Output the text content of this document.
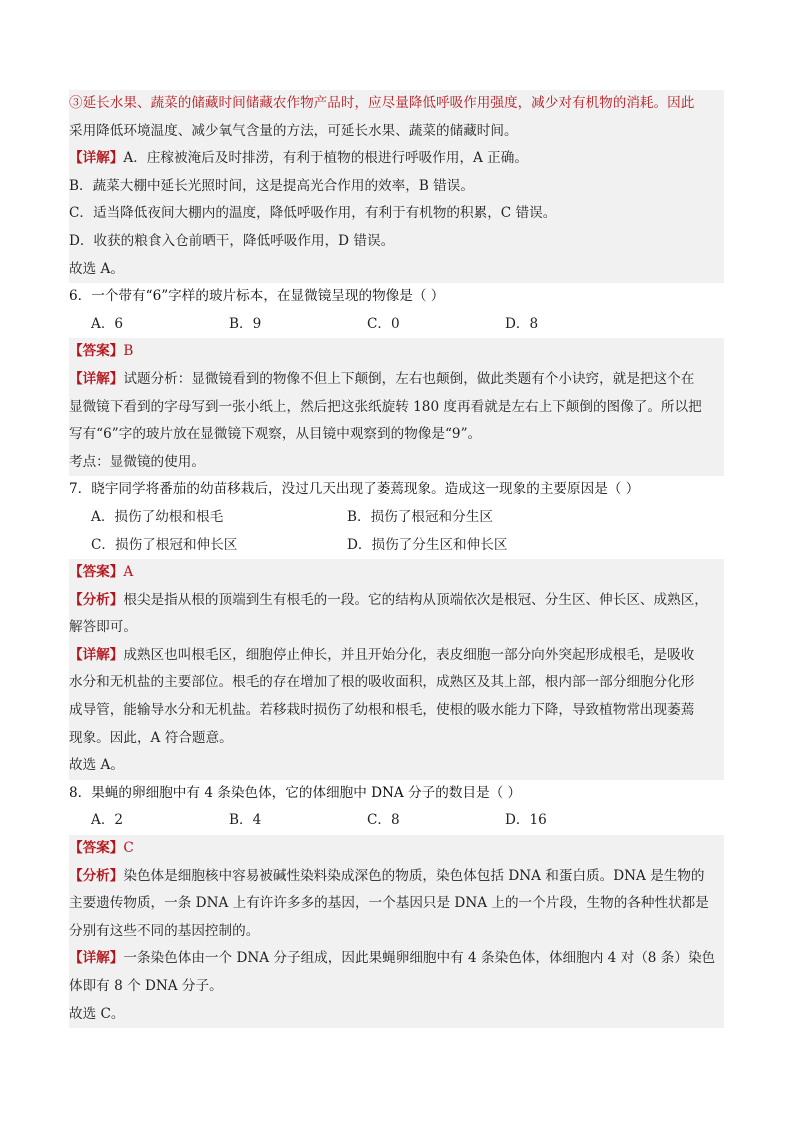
③延长水果、蔬菜的储藏时间储藏农作物产品时，应尽量降低呼吸作用强度，减少对有机物的消耗。因此
采用降低环境温度、减少氧气含量的方法，可延长水果、蔬菜的储藏时间。
【详解】A．庄稼被淹后及时排涝，有利于植物的根进行呼吸作用，A 正确。
B．蔬菜大棚中延长光照时间，这是提高光合作用的效率，B 错误。
C．适当降低夜间大棚内的温度，降低呼吸作用，有利于有机物的积累，C 错误。
D．收获的粮食入仓前晒干，降低呼吸作用，D 错误。
故选 A。
6．一个带有“6”字样的玻片标本，在显微镜呈现的物像是（ ）
A．6	B．9	C．0	D．8
【答案】B
【详解】试题分析：显微镜看到的物像不但上下颠倒，左右也颠倒，做此类题有个小诀窍，就是把这个在
显微镜下看到的字母写到一张小纸上，然后把这张纸旋转 180 度再看就是左右上下颠倒的图像了。所以把
写有“6”字的玻片放在显微镜下观察，从目镜中观察到的物像是“9”。
考点：显微镜的使用。
7．晓宇同学将番茄的幼苗移栽后，没过几天出现了萎蔫现象。造成这一现象的主要原因是（ ）
A．损伤了幼根和根毛	B．损伤了根冠和分生区
C．损伤了根冠和伸长区	D．损伤了分生区和伸长区
【答案】A
【分析】根尖是指从根的顶端到生有根毛的一段。它的结构从顶端依次是根冠、分生区、伸长区、成熟区，
解答即可。
【详解】成熟区也叫根毛区，细胞停止伸长，并且开始分化，表皮细胞一部分向外突起形成根毛，是吸收
水分和无机盐的主要部位。根毛的存在增加了根的吸收面积，成熟区及其上部，根内部一部分细胞分化形
成导管，能输导水分和无机盐。若移栽时损伤了幼根和根毛，使根的吸水能力下降，导致植物常出现萎蔫
现象。因此，A 符合题意。
故选 A。
8．果蝇的卵细胞中有 4 条染色体，它的体细胞中 DNA 分子的数目是（ ）
A．2	B．4	C．8	D．16
【答案】C
【分析】染色体是细胞核中容易被碱性染料染成深色的物质，染色体包括 DNA 和蛋白质。DNA 是生物的
主要遗传物质，一条 DNA 上有许许多多的基因，一个基因只是 DNA 上的一个片段，生物的各种性状都是
分别有这些不同的基因控制的。
【详解】一条染色体由一个 DNA 分子组成，因此果蝇卵细胞中有 4 条染色体，体细胞内 4 对（8 条）染色
体即有 8 个 DNA 分子。
故选 C。
